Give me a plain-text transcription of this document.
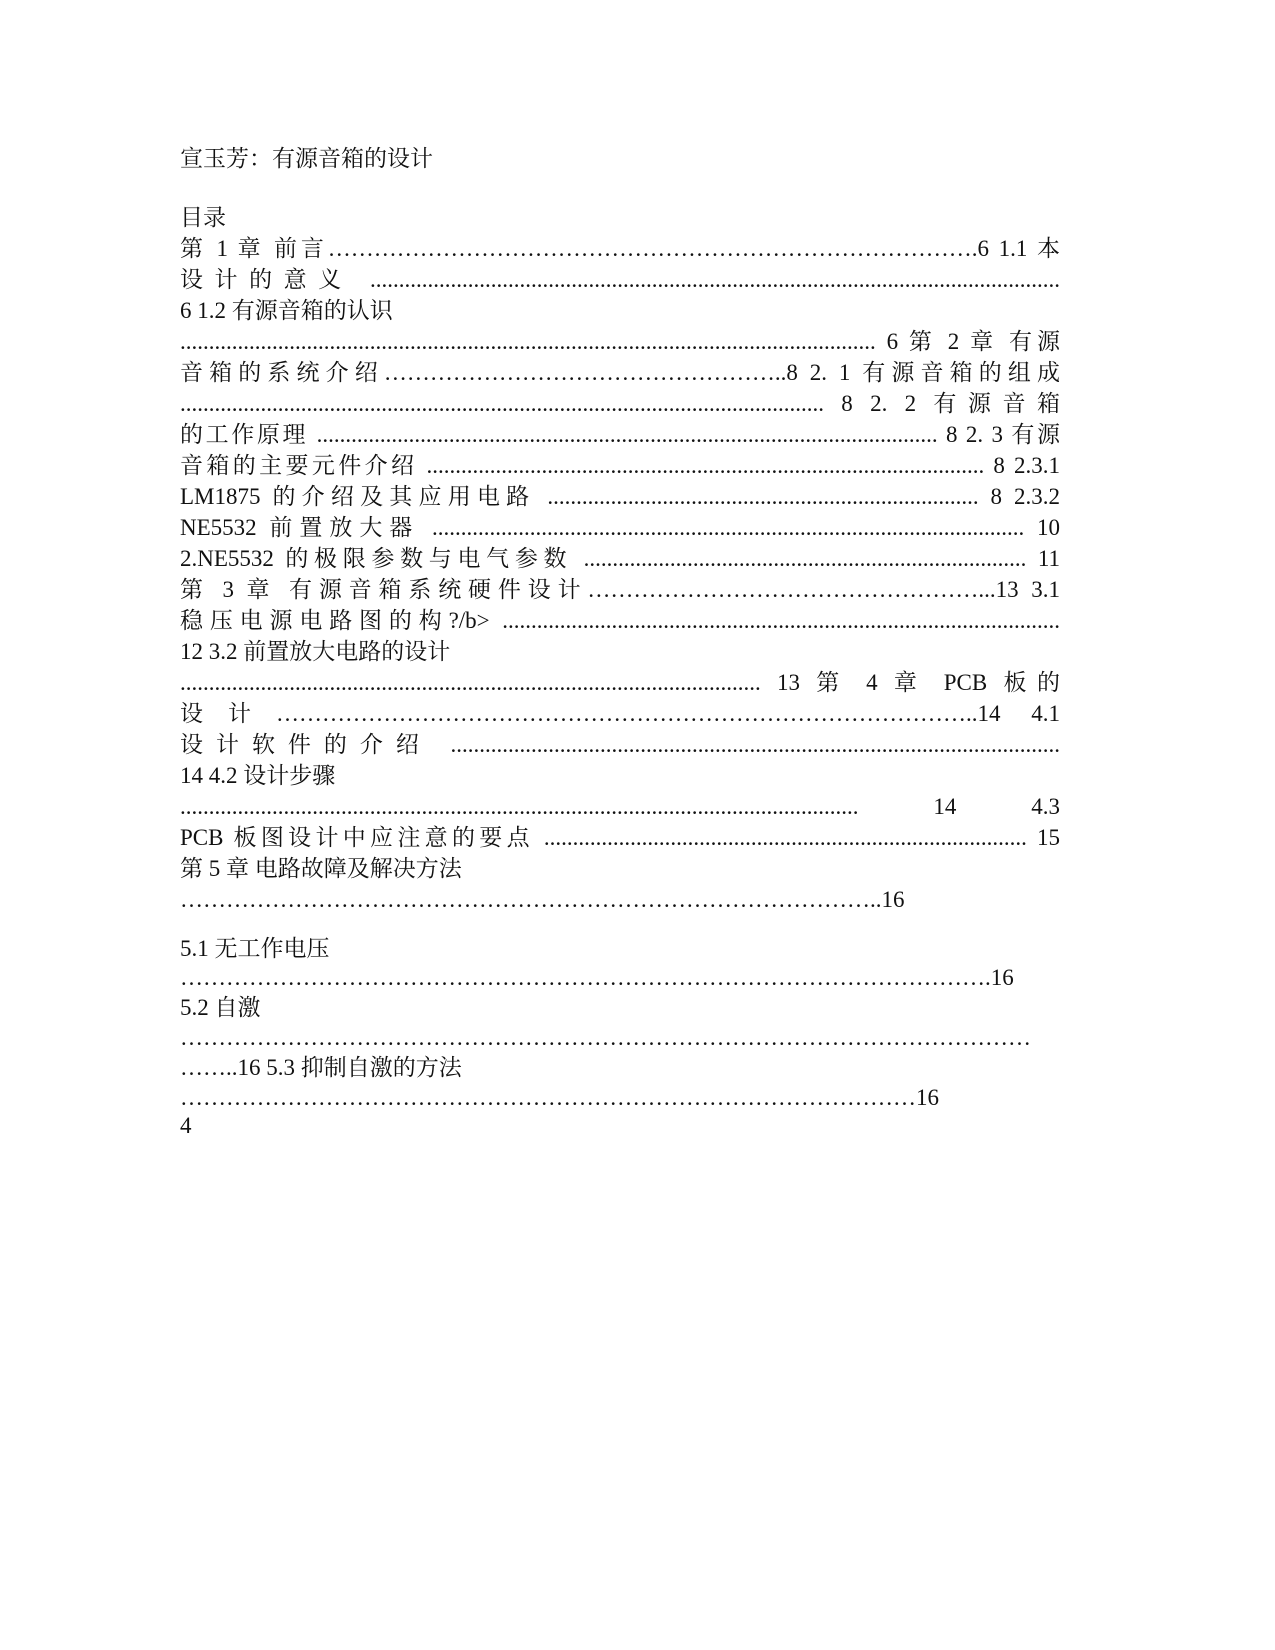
宣玉芳：有源音箱的设计
目录
第 1 章 前言………………………………………………………………………….6 1.1 本
设计的意义 ........................................................................................................................
6 1.2 有源音箱的认识
......................................................................................................................... 6 第 2 章 有源
音箱的系统介绍……………………………………………..8 2. 1 有源音箱的组成
................................................................................................................ 8 2. 2 有源音箱
的工作原理 ............................................................................................................ 8 2. 3 有源
音箱的主要元件介绍 ................................................................................................. 8 2.3.1
LM1875 的介绍及其应用电路 ........................................................................... 8 2.3.2
NE5532 前置放大器 ....................................................................................................... 10
2.NE5532 的极限参数与电气参数 ............................................................................. 11
第 3 章 有源音箱系统硬件设计……………………………………………...13 3.1
稳压电源电路图的构?/b> .................................................................................................
12 3.2 前置放大电路的设计
..................................................................................................... 13 第 4 章 PCB 板的
设计………………………………………………………………………………..14 4.1
设计软件的介绍 ..........................................................................................................
14 4.2 设计步骤
...................................................................................................................... 14 4.3
PCB 板图设计中应注意的要点 .................................................................................... 15
第 5 章 电路故障及解决方法
………………………………………………………………………………..16
5.1 无工作电压
…………………………………………………………………………………………….16
5.2 自激
…………………………………………………………………………………………………
……..16 5.3 抑制自激的方法
……………………………………………………………………………………16
4
